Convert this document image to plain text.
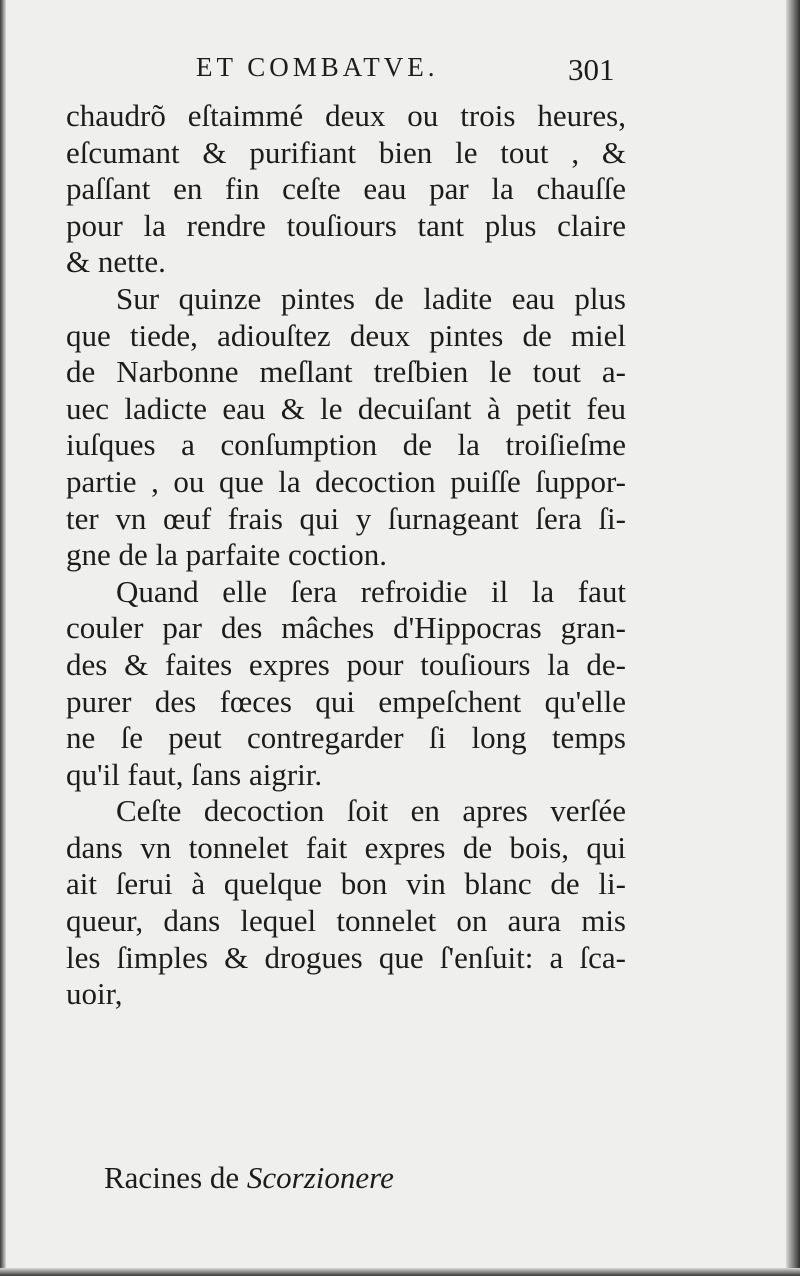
ET COMBATVE.	301
chaudrõ eſtaimmé deux ou trois heures,
eſcumant & purifiant bien le tout , &
paſſant en fin ceſte eau par la chauſſe
pour la rendre touſiours tant plus claire
& nette.
Sur quinze pintes de ladite eau plus
que tiede, adiouſtez deux pintes de miel
de Narbonne meſlant treſbien le tout a-
uec ladicte eau & le decuiſant à petit feu
iuſques a conſumption de la troiſieſme
partie , ou que la decoction puiſſe ſuppor-
ter vn œuf frais qui y ſurnageant ſera ſi-
gne de la parfaite coction.
Quand elle ſera refroidie il la faut
couler par des mâches d'Hippocras gran-
des & faites expres pour touſiours la de-
purer des fœces qui empeſchent qu'elle
ne ſe peut contregarder ſi long temps
qu'il faut, ſans aigrir.
Ceſte decoction ſoit en apres verſée
dans vn tonnelet fait expres de bois, qui
ait ſerui à quelque bon vin blanc de li-
queur, dans lequel tonnelet on aura mis
les ſimples & drogues que ſ'enſuit: a ſca-
uoir,
Racines de Scorzionere
